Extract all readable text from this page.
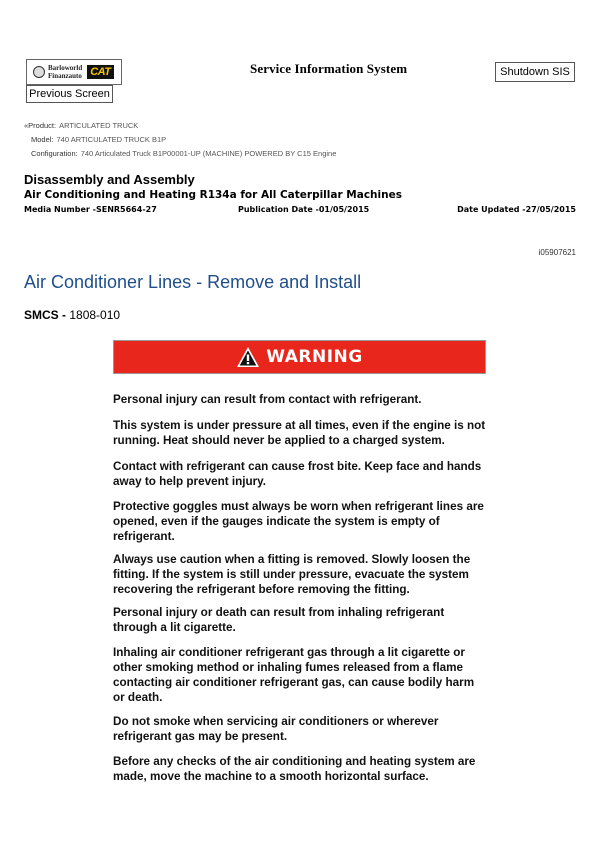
Barloworld
Finanzauto CAT	Service Information System	Shutdown SIS
Previous Screen
«Product: ARTICULATED TRUCK
Model: 740 ARTICULATED TRUCK B1P
Configuration: 740 Articulated Truck B1P00001-UP (MACHINE) POWERED BY C15 Engine
Disassembly and Assembly
Air Conditioning and Heating R134a for All Caterpillar Machines
Media Number -SENR5664-27	Publication Date -01/05/2015	Date Updated -27/05/2015
i05907621
Air Conditioner Lines - Remove and Install
SMCS - 1808-010
WARNING
Personal injury can result from contact with refrigerant.
This system is under pressure at all times, even if the engine is not running. Heat should never be applied to a charged system.
Contact with refrigerant can cause frost bite. Keep face and hands away to help prevent injury.
Protective goggles must always be worn when refrigerant lines are opened, even if the gauges indicate the system is empty of refrigerant.
Always use caution when a fitting is removed. Slowly loosen the fitting. If the system is still under pressure, evacuate the system recovering the refrigerant before removing the fitting.
Personal injury or death can result from inhaling refrigerant through a lit cigarette.
Inhaling air conditioner refrigerant gas through a lit cigarette or other smoking method or inhaling fumes released from a flame contacting air conditioner refrigerant gas, can cause bodily harm or death.
Do not smoke when servicing air conditioners or wherever refrigerant gas may be present.
Before any checks of the air conditioning and heating system are made, move the machine to a smooth horizontal surface.
